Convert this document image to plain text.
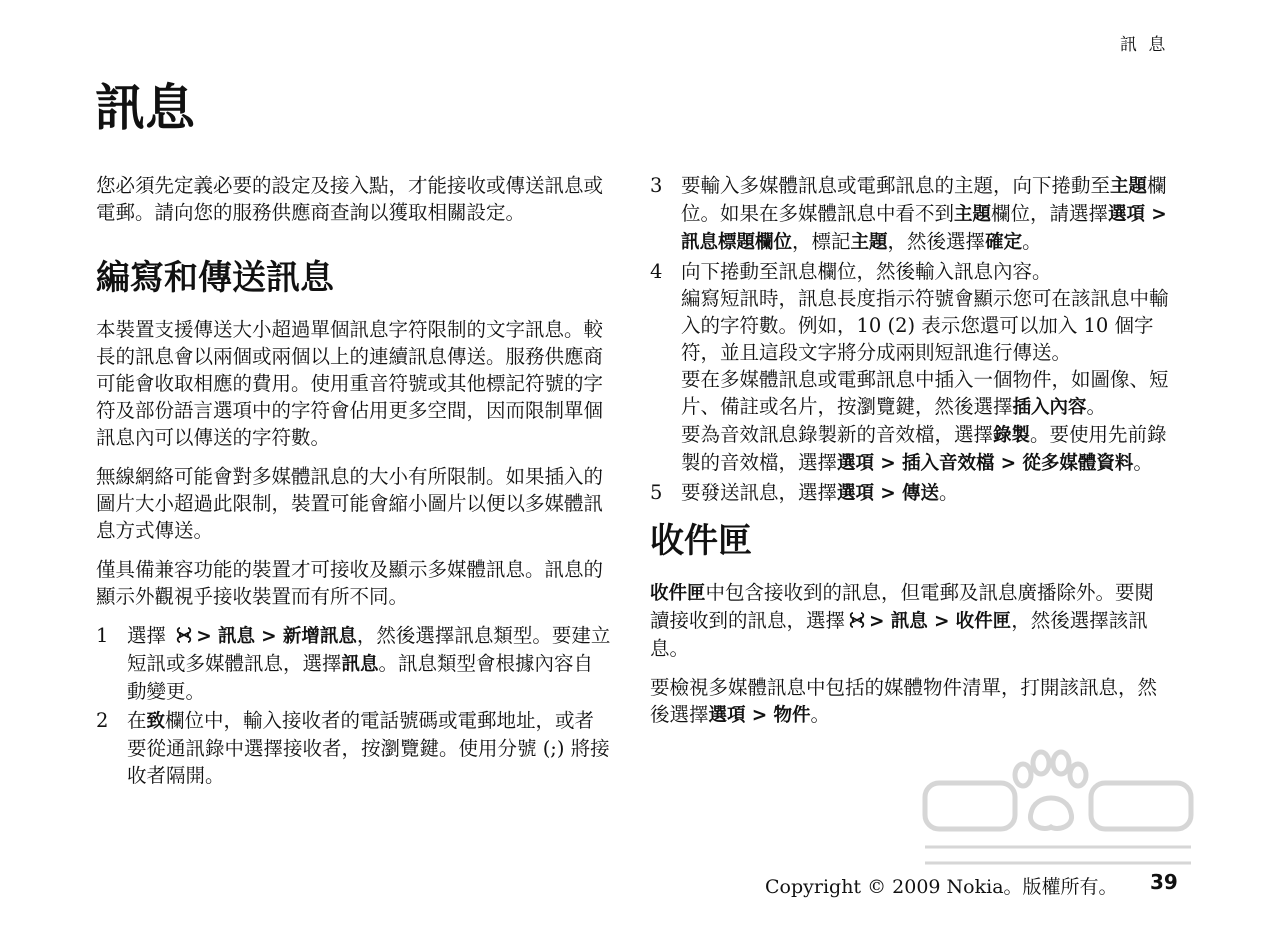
訊 息
訊息

您必須先定義必要的設定及接入點，才能接收或傳送訊息或電郵。請向您的服務供應商查詢以獲取相關設定。

編寫和傳送訊息

本裝置支援傳送大小超過單個訊息字符限制的文字訊息。較長的訊息會以兩個或兩個以上的連續訊息傳送。服務供應商可能會收取相應的費用。使用重音符號或其他標記符號的字符及部份語言選項中的字符會佔用更多空間，因而限制單個訊息內可以傳送的字符數。

無線網絡可能會對多媒體訊息的大小有所限制。如果插入的圖片大小超過此限制，裝置可能會縮小圖片以便以多媒體訊息方式傳送。

僅具備兼容功能的裝置才可接收及顯示多媒體訊息。訊息的顯示外觀視乎接收裝置而有所不同。

1 選擇 > 訊息 > 新增訊息，然後選擇訊息類型。要建立短訊或多媒體訊息，選擇訊息。訊息類型會根據內容自動變更。
2 在致欄位中，輸入接收者的電話號碼或電郵地址，或者要從通訊錄中選擇接收者，按瀏覽鍵。使用分號 (;) 將接收者隔開。
3 要輸入多媒體訊息或電郵訊息的主題，向下捲動至主題欄位。如果在多媒體訊息中看不到主題欄位，請選擇選項 > 訊息標題欄位，標記主題，然後選擇確定。
4 向下捲動至訊息欄位，然後輸入訊息內容。
編寫短訊時，訊息長度指示符號會顯示您可在該訊息中輸入的字符數。例如，10 (2) 表示您還可以加入 10 個字符，並且這段文字將分成兩則短訊進行傳送。
要在多媒體訊息或電郵訊息中插入一個物件，如圖像、短片、備註或名片，按瀏覽鍵，然後選擇插入內容。
要為音效訊息錄製新的音效檔，選擇錄製。要使用先前錄製的音效檔，選擇選項 > 插入音效檔 > 從多媒體資料。
5 要發送訊息，選擇選項 > 傳送。
收件匣

收件匣中包含接收到的訊息，但電郵及訊息廣播除外。要閱讀接收到的訊息，選擇 > 訊息 > 收件匣，然後選擇該訊息。

要檢視多媒體訊息中包括的媒體物件清單，打開該訊息，然後選擇選項 > 物件。

Copyright © 2009 Nokia。版權所有。 39
